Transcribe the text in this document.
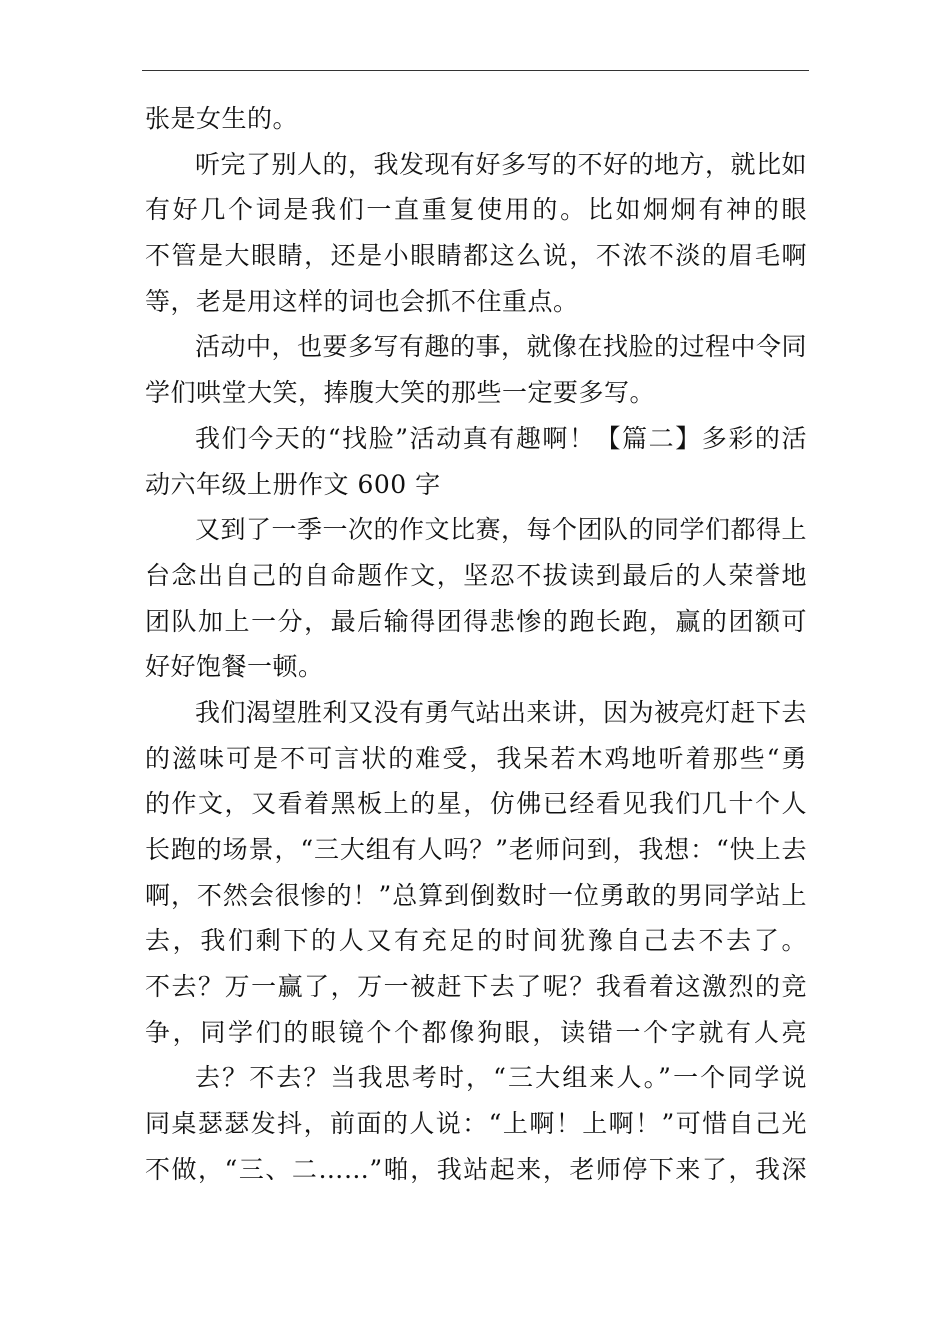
张是女生的。
听完了别人的，我发现有好多写的不好的地方，就比如
有好几个词是我们一直重复使用的。比如炯炯有神的眼
不管是大眼睛，还是小眼睛都这么说，不浓不淡的眉毛啊
等，老是用这样的词也会抓不住重点。
活动中，也要多写有趣的事，就像在找脸的过程中令同
学们哄堂大笑，捧腹大笑的那些一定要多写。
我们今天的“找脸”活动真有趣啊！【篇二】多彩的活
动六年级上册作文 600 字
又到了一季一次的作文比赛，每个团队的同学们都得上
台念出自己的自命题作文，坚忍不拔读到最后的人荣誉地
团队加上一分，最后输得团得悲惨的跑长跑，赢的团额可
好好饱餐一顿。
我们渴望胜利又没有勇气站出来讲，因为被亮灯赶下去
的滋味可是不可言状的难受，我呆若木鸡地听着那些“勇
的作文，又看着黑板上的星，仿佛已经看见我们几十个人
长跑的场景，“三大组有人吗？”老师问到，我想：“快上去
啊，不然会很惨的！”总算到倒数时一位勇敢的男同学站上
去，我们剩下的人又有充足的时间犹豫自己去不去了。
不去？万一赢了，万一被赶下去了呢？我看着这激烈的竞
争，同学们的眼镜个个都像狗眼，读错一个字就有人亮
去？不去？当我思考时，“三大组来人。”一个同学说
同桌瑟瑟发抖，前面的人说：“上啊！上啊！”可惜自己光
不做，“三、二……”啪，我站起来，老师停下来了，我深
